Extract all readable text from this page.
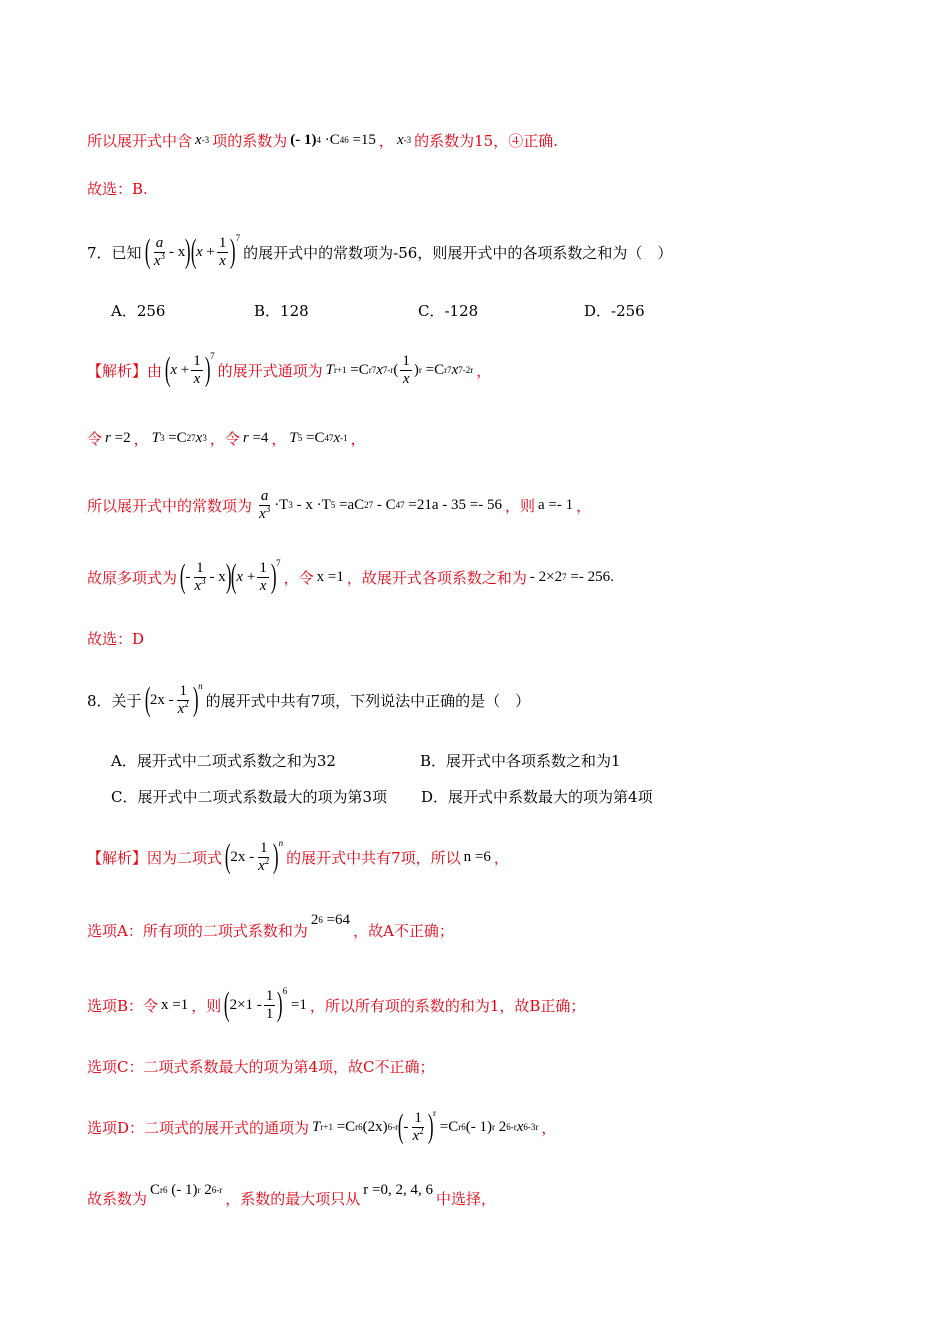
所以展开式中含 x -3 项的系数为 (- 1) 4
·C 4 6
=15 ， x -3 的系数为15，④正确.
故选：B.
7．已知 ( $\frac{a}{x^3}$ - x ) ( x
+ $\frac{1}{x} )^7$
的展开式中的常数项为-56，则展开式中的各项系数之和为（　）
A．256	B．128	C．-128	D．-256
【解析】 由 ( x
+ $\frac{1}{x} )^7$
的展开式通项为 T r+1
=C r 7 x 7-r ( $\frac{1}{x}$ ) r
=C r 7 x 7-2r ，
令 r
=2 ， T 3
=C 2 7 x 3 ，令 r
=4 ， T 5
=C 4 7 x -1 ，
所以展开式中的常数项为 $\frac{a}{x^3} \cdot T$ 3
- x ·T 5
=aC 2 7
- C 4 7
=21a - 35 =- 56 ，则 a =- 1 ，
故原多项式为 ( - $\frac{1}{x^3}$ - x ) ( x
+ $\frac{1}{x} )^7$
，令 x =1 ，故展开式各项系数之和为 - 2×2 7
=- 256 .
故选：D
8．关于 ( $2x - \frac{1}{x^2}$ ) $^n$
的展开式中共有7项，下列说法中正确的是（　）
A．展开式中二项式系数之和为32	B．展开式中各项系数之和为1
C．展开式中二项式系数最大的项为第3项 D．展开式中系数最大的项为第4项
【解析】 因为二项式 ( $2x - \frac{1}{x^2}$ ) $^n$
的展开式中共有7项，所以 n =6 ，
选项A：所有项的二项式系数和为
2 6
=64
，故A不正确；
选项B：令 x =1 ，则 ( $2\times 1 - \frac{1}{1} )^6$

=1 ，所以所有项的系数的和为1，故B正确；
选项C：二项式系数最大的项为第4项，故C不正确；
选项D：二项式的展开式的通项为 T r+1
=C r 6 (2x) 6-r ( - $\frac{1}{x^2} )^r$

=C r 6 (- 1) r
2 6-r x 6-3r ，
故系数为 C r 6
(- 1) r
2 6-r ，系数的最大项只从 r =0, 2, 4, 6 中选择，
